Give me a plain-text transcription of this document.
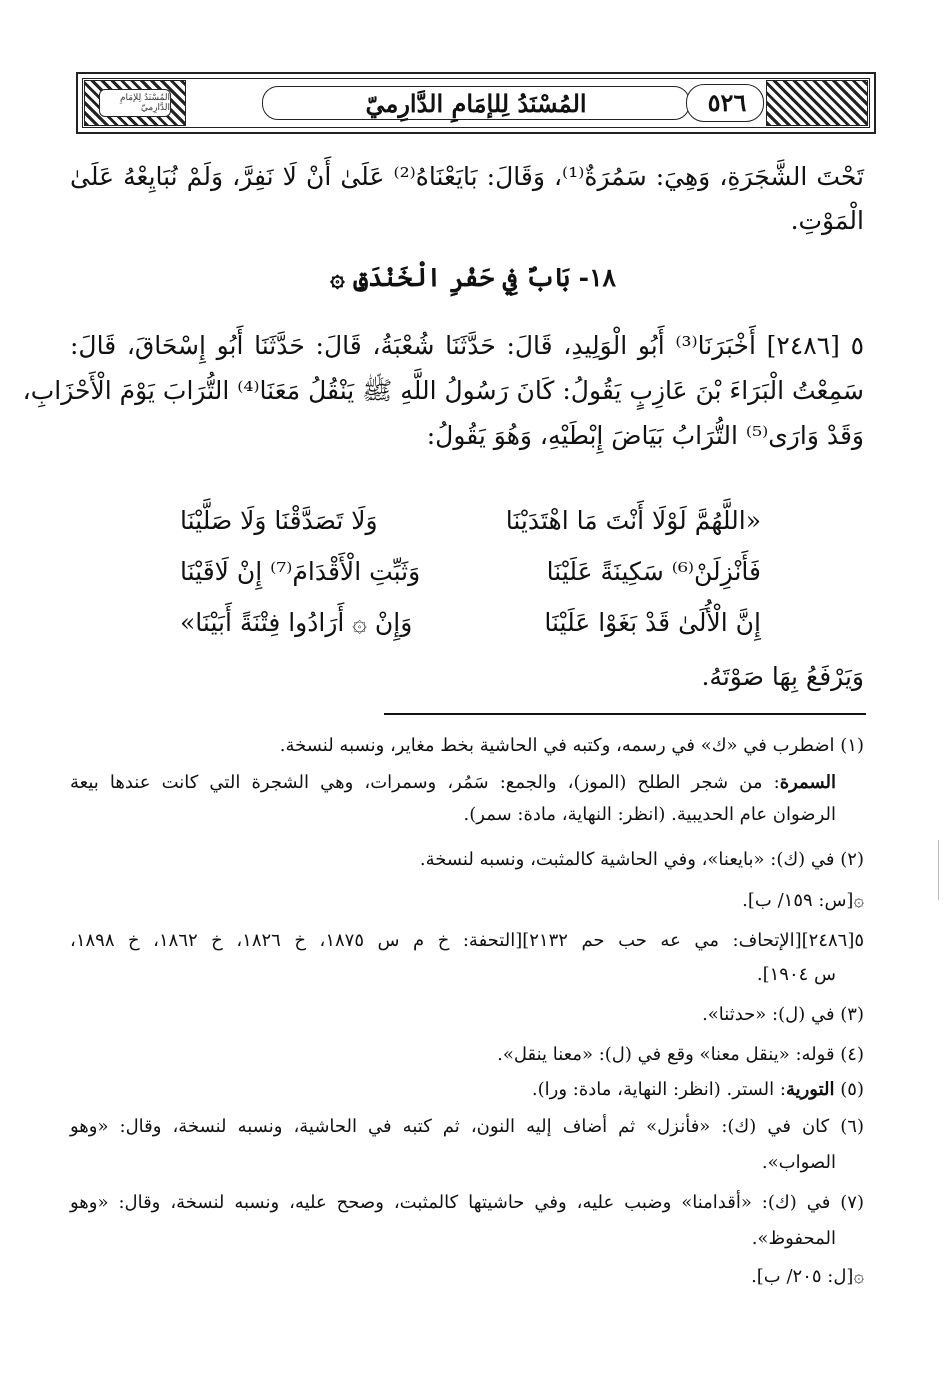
المُسْنَدُ لِلإمَامِ الدَّارِميّ	المُسْنَدُ لِلإمَامِ الدَّارِميّ	٥٢٦
تَحْتَ الشَّجَرَةِ، وَهِيَ: سَمُرَةٌ⁽¹⁾، وَقَالَ: بَايَعْنَاهُ⁽²⁾ عَلَىٰ أَنْ لَا نَفِرَّ، وَلَمْ نُبَايِعْهُ عَلَىٰ
الْمَوْتِ.
١٨- بَابٌ فِي حَفْرِ الْخَنْدَقِ ۞
٥ [٢٤٨٦] أَخْبَرَنَا⁽³⁾ أَبُو الْوَلِيدِ، قَالَ: حَدَّثَنَا شُعْبَةُ، قَالَ: حَدَّثَنَا أَبُو إِسْحَاقَ، قَالَ:
سَمِعْتُ الْبَرَاءَ بْنَ عَازِبٍ يَقُولُ: كَانَ رَسُولُ اللَّهِ ﷺ يَنْقُلُ مَعَنَا⁽⁴⁾ التُّرَابَ يَوْمَ الْأَحْزَابِ،
وَقَدْ وَارَى⁽⁵⁾ التُّرَابُ بَيَاضَ إِبْطَيْهِ، وَهُوَ يَقُولُ:
«اللَّهُمَّ لَوْلَا أَنْتَ مَا اهْتَدَيْنَا
وَلَا تَصَدَّقْنَا وَلَا صَلَّيْنَا
فَأَنْزِلَنْ⁽⁶⁾ سَكِينَةً عَلَيْنَا
وَثَبِّتِ الْأَقْدَامَ⁽⁷⁾ إِنْ لَاقَيْنَا
إِنَّ الْأُلَىٰ قَدْ بَغَوْا عَلَيْنَا
وَإِنْ ۞ أَرَادُوا فِتْنَةً أَبَيْنَا»
وَيَرْفَعُ بِهَا صَوْتَهُ.
(١) اضطرب في «ك» في رسمه، وكتبه في الحاشية بخط مغاير، ونسبه لنسخة.
السمرة: من شجر الطلح (الموز)، والجمع: سَمُر، وسمرات، وهي الشجرة التي كانت عندها بيعة
الرضوان عام الحديبية. (انظر: النهاية، مادة: سمر).
(٢) في (ك): «بايعنا»، وفي الحاشية كالمثبت، ونسبه لنسخة.
۞[س: ١٥٩/ ب].
٥[٢٤٨٦][الإتحاف: مي عه حب حم ٢١٣٢][التحفة: خ م س ١٨٧٥، خ ١٨٢٦، خ ١٨٦٢، خ ١٨٩٨،
س ١٩٠٤].
(٣) في (ل): «حدثنا».
(٤) قوله: «ينقل معنا» وقع في (ل): «معنا ينقل».
(٥) التورية: الستر. (انظر: النهاية، مادة: ورا).
(٦) كان في (ك): «فأنزل» ثم أضاف إليه النون، ثم كتبه في الحاشية، ونسبه لنسخة، وقال: «وهو
الصواب».
(٧) في (ك): «أقدامنا» وضبب عليه، وفي حاشيتها كالمثبت، وصحح عليه، ونسبه لنسخة، وقال: «وهو
المحفوظ».
۞[ل: ٢٠٥/ ب].
